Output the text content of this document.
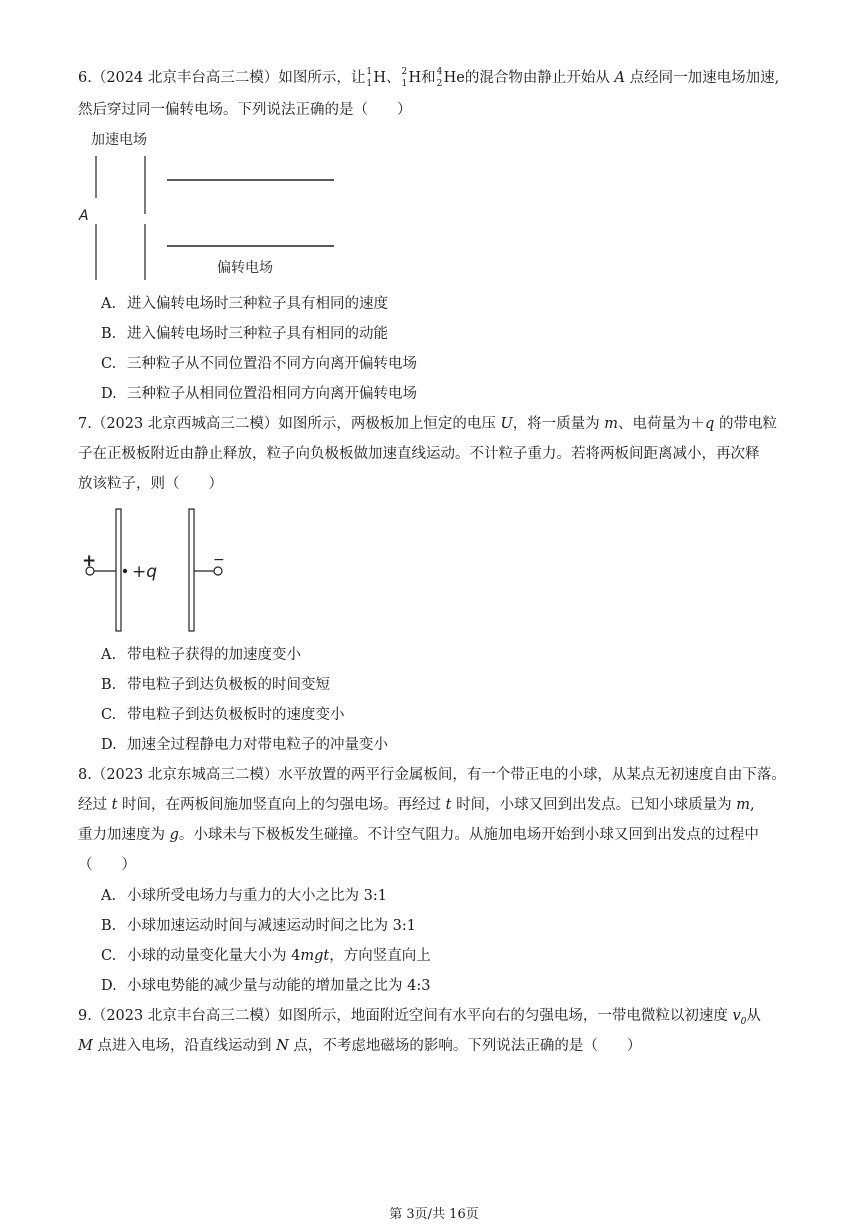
6.（2024 北京丰台高三二模）如图所示，让 1
1 H、 2
1 H和 4
2 He的混合物由静止开始从 A 点经同一加速电场加速,
然后穿过同一偏转电场。下列说法正确的是（　　）
加速电场
A
偏转电场
A. 进入偏转电场时三种粒子具有相同的速度
B. 进入偏转电场时三种粒子具有相同的动能
C. 三种粒子从不同位置沿不同方向离开偏转电场
D. 三种粒子从相同位置沿相同方向离开偏转电场
7.（2023 北京西城高三二模）如图所示，两极板加上恒定的电压 U，将一质量为 m、电荷量为＋q 的带电粒
子在正极板附近由静止释放，粒子向负极板做加速直线运动。不计粒子重力。若将两板间距离减小，再次释
放该粒子，则（　　）
+
+q
−
A. 带电粒子获得的加速度变小
B. 带电粒子到达负极板的时间变短
C. 带电粒子到达负极板时的速度变小
D. 加速全过程静电力对带电粒子的冲量变小
8.（2023 北京东城高三二模）水平放置的两平行金属板间，有一个带正电的小球，从某点无初速度自由下落。
经过 t 时间，在两板间施加竖直向上的匀强电场。再经过 t 时间，小球又回到出发点。已知小球质量为 m,
重力加速度为 g。小球未与下极板发生碰撞。不计空气阻力。从施加电场开始到小球又回到出发点的过程中
（　　）
A. 小球所受电场力与重力的大小之比为 3:1
B. 小球加速运动时间与减速运动时间之比为 3:1
C. 小球的动量变化量大小为 4mgt，方向竖直向上
D. 小球电势能的减少量与动能的增加量之比为 4:3
9.（2023 北京丰台高三二模）如图所示，地面附近空间有水平向右的匀强电场，一带电微粒以初速度 $v_0$从
M 点进入电场，沿直线运动到 N 点，不考虑地磁场的影响。下列说法正确的是（　　）
第 3页/共 16页
